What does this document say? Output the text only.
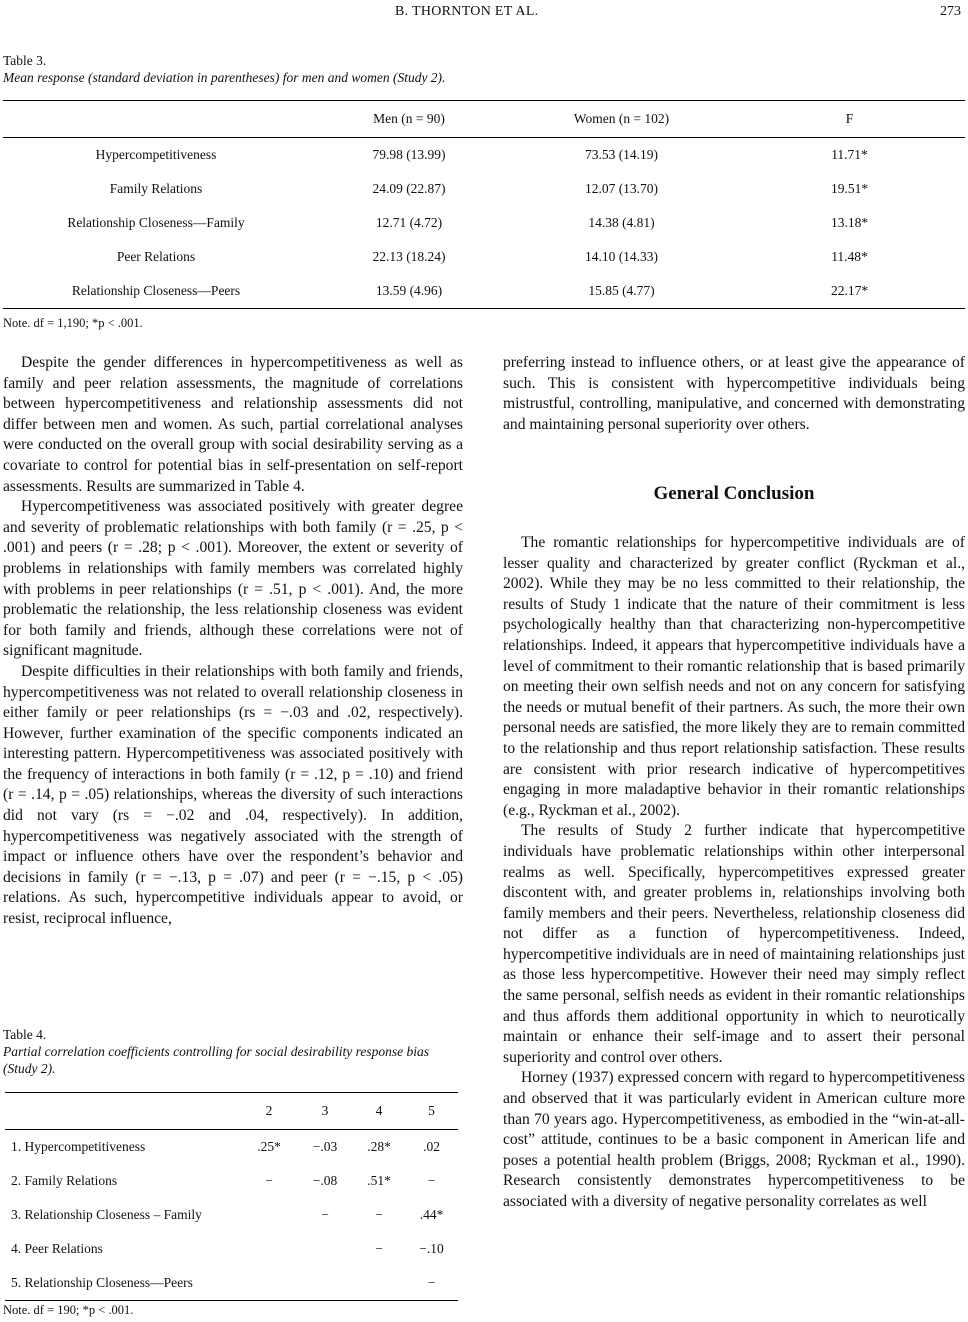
B. THORNTON ET AL.	273
Table 3.
Mean response (standard deviation in parentheses) for men and women (Study 2).
	Men (n = 90)	Women (n = 102)	F
Hypercompetitiveness	79.98 (13.99)	73.53 (14.19)	11.71*
Family Relations	24.09 (22.87)	12.07 (13.70)	19.51*
Relationship Closeness—Family	12.71 (4.72)	14.38 (4.81)	13.18*
Peer Relations	22.13 (18.24)	14.10 (14.33)	11.48*
Relationship Closeness—Peers	13.59 (4.96)	15.85 (4.77)	22.17*
Note. df = 1,190; *p < .001.

Despite the gender differences in hypercompetitiveness as well as family and peer relation assessments, the magnitude of correlations between hypercompetitiveness and relationship assessments did not differ between men and women. As such, partial correlational analyses were conducted on the overall group with social desirability serving as a covariate to control for potential bias in self-presentation on self-report assessments. Results are summarized in Table 4.

Hypercompetitiveness was associated positively with greater degree and severity of problematic relationships with both family (r = .25, p < .001) and peers (r = .28; p < .001). Moreover, the extent or severity of problems in relationships with family members was correlated highly with problems in peer relationships (r = .51, p < .001). And, the more problematic the relationship, the less relationship closeness was evident for both family and friends, although these correlations were not of significant magnitude.

Despite difficulties in their relationships with both family and friends, hypercompetitiveness was not related to overall relationship closeness in either family or peer relationships (rs = −.03 and .02, respectively). However, further examination of the specific components indicated an interesting pattern. Hypercompetitiveness was associated positively with the frequency of interactions in both family (r = .12, p = .10) and friend (r = .14, p = .05) relationships, whereas the diversity of such interactions did not vary (rs = −.02 and .04, respectively). In addition, hypercompetitiveness was negatively associated with the strength of impact or influence others have over the respondent’s behavior and decisions in family (r = −.13, p = .07) and peer (r = −.15, p < .05) relations. As such, hypercompetitive individuals appear to avoid, or resist, reciprocal influence,

Table 4.
Partial correlation coefficients controlling for social desirability response bias (Study 2).
	2	3	4	5
1. Hypercompetitiveness	.25*	−.03	.28*	.02
2. Family Relations	−	−.08	.51*	−
3. Relationship Closeness – Family		−	−	.44*
4. Peer Relations			−	−.10
5. Relationship Closeness—Peers				−
Note. df = 190; *p < .001.

preferring instead to influence others, or at least give the appearance of such. This is consistent with hypercompetitive individuals being mistrustful, controlling, manipulative, and concerned with demonstrating and maintaining personal superiority over others.

General Conclusion

The romantic relationships for hypercompetitive individuals are of lesser quality and characterized by greater conflict (Ryckman et al., 2002). While they may be no less committed to their relationship, the results of Study 1 indicate that the nature of their commitment is less psychologically healthy than that characterizing non-hypercompetitive relationships. Indeed, it appears that hypercompetitive individuals have a level of commitment to their romantic relationship that is based primarily on meeting their own selfish needs and not on any concern for satisfying the needs or mutual benefit of their partners. As such, the more their own personal needs are satisfied, the more likely they are to remain committed to the relationship and thus report relationship satisfaction. These results are consistent with prior research indicative of hypercompetitives engaging in more maladaptive behavior in their romantic relationships (e.g., Ryckman et al., 2002).

The results of Study 2 further indicate that hypercompetitive individuals have problematic relationships within other interpersonal realms as well. Specifically, hypercompetitives expressed greater discontent with, and greater problems in, relationships involving both family members and their peers. Nevertheless, relationship closeness did not differ as a function of hypercompetitiveness. Indeed, hypercompetitive individuals are in need of maintaining relationships just as those less hypercompetitive. However their need may simply reflect the same personal, selfish needs as evident in their romantic relationships and thus affords them additional opportunity in which to neurotically maintain or enhance their self-image and to assert their personal superiority and control over others.

Horney (1937) expressed concern with regard to hypercompetitiveness and observed that it was particularly evident in American culture more than 70 years ago. Hypercompetitiveness, as embodied in the “win-at-all-cost” attitude, continues to be a basic component in American life and poses a potential health problem (Briggs, 2008; Ryckman et al., 1990). Research consistently demonstrates hypercompetitiveness to be associated with a diversity of negative personality correlates as well
